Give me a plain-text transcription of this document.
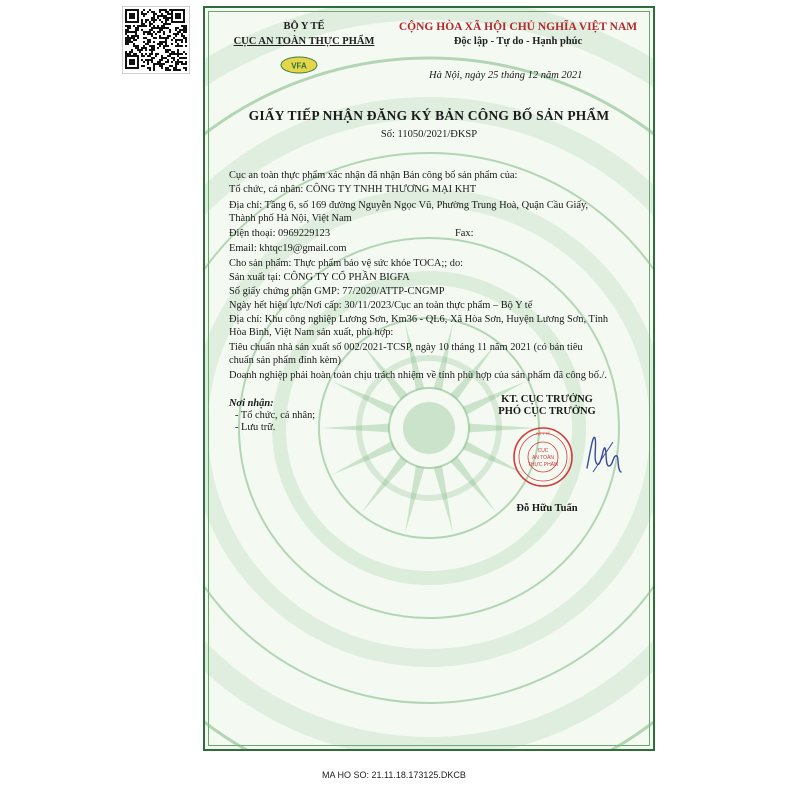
BỘ Y TẾ
CỤC AN TOÀN THỰC PHẨM
VFA
CỘNG HÒA XÃ HỘI CHỦ NGHĨA VIỆT NAM
Độc lập - Tự do - Hạnh phúc
Hà Nội, ngày 25 tháng 12 năm 2021
GIẤY TIẾP NHẬN ĐĂNG KÝ BẢN CÔNG BỐ SẢN PHẨM
Số: 11050/2021/ĐKSP
Cục an toàn thực phẩm xác nhận đã nhận Bản công bố sản phẩm của:
Tổ chức, cá nhân: CÔNG TY TNHH THƯƠNG MẠI KHT
Địa chỉ: Tầng 6, số 169 đường Nguyễn Ngọc Vũ, Phường Trung Hoà, Quận Cầu Giấy,
Thành phố Hà Nội, Việt Nam
Điện thoại: 0969229123	Fax:
Email: khtqc19@gmail.com
Cho sản phẩm: Thực phẩm bảo vệ sức khỏe TOCA;; do:
Sản xuất tại: CÔNG TY CỔ PHẦN BIGFA
Số giấy chứng nhận GMP: 77/2020/ATTP-CNGMP
Ngày hết hiệu lực/Nơi cấp: 30/11/2023/Cục an toàn thực phẩm – Bộ Y tế
Địa chỉ: Khu công nghiệp Lương Sơn, Km36 - QL6, Xã Hòa Sơn, Huyện Lương Sơn, Tỉnh
Hòa Bình, Việt Nam sản xuất, phù hợp:
Tiêu chuẩn nhà sản xuất số 002/2021-TCSP, ngày 10 tháng 11 năm 2021 (có bản tiêu
chuẩn sản phẩm đính kèm)
Doanh nghiệp phải hoàn toàn chịu trách nhiệm về tính phù hợp của sản phẩm đã công bố./.
Nơi nhận:
- Tổ chức, cá nhân;
- Lưu trữ.
KT. CỤC TRƯỞNG
PHÓ CỤC TRƯỞNG
CỤC
AN TOÀN
THỰC PHẨM
BỘ Y TẾ
Đỗ Hữu Tuấn
MA HO SO: 21.11.18.173125.DKCB
